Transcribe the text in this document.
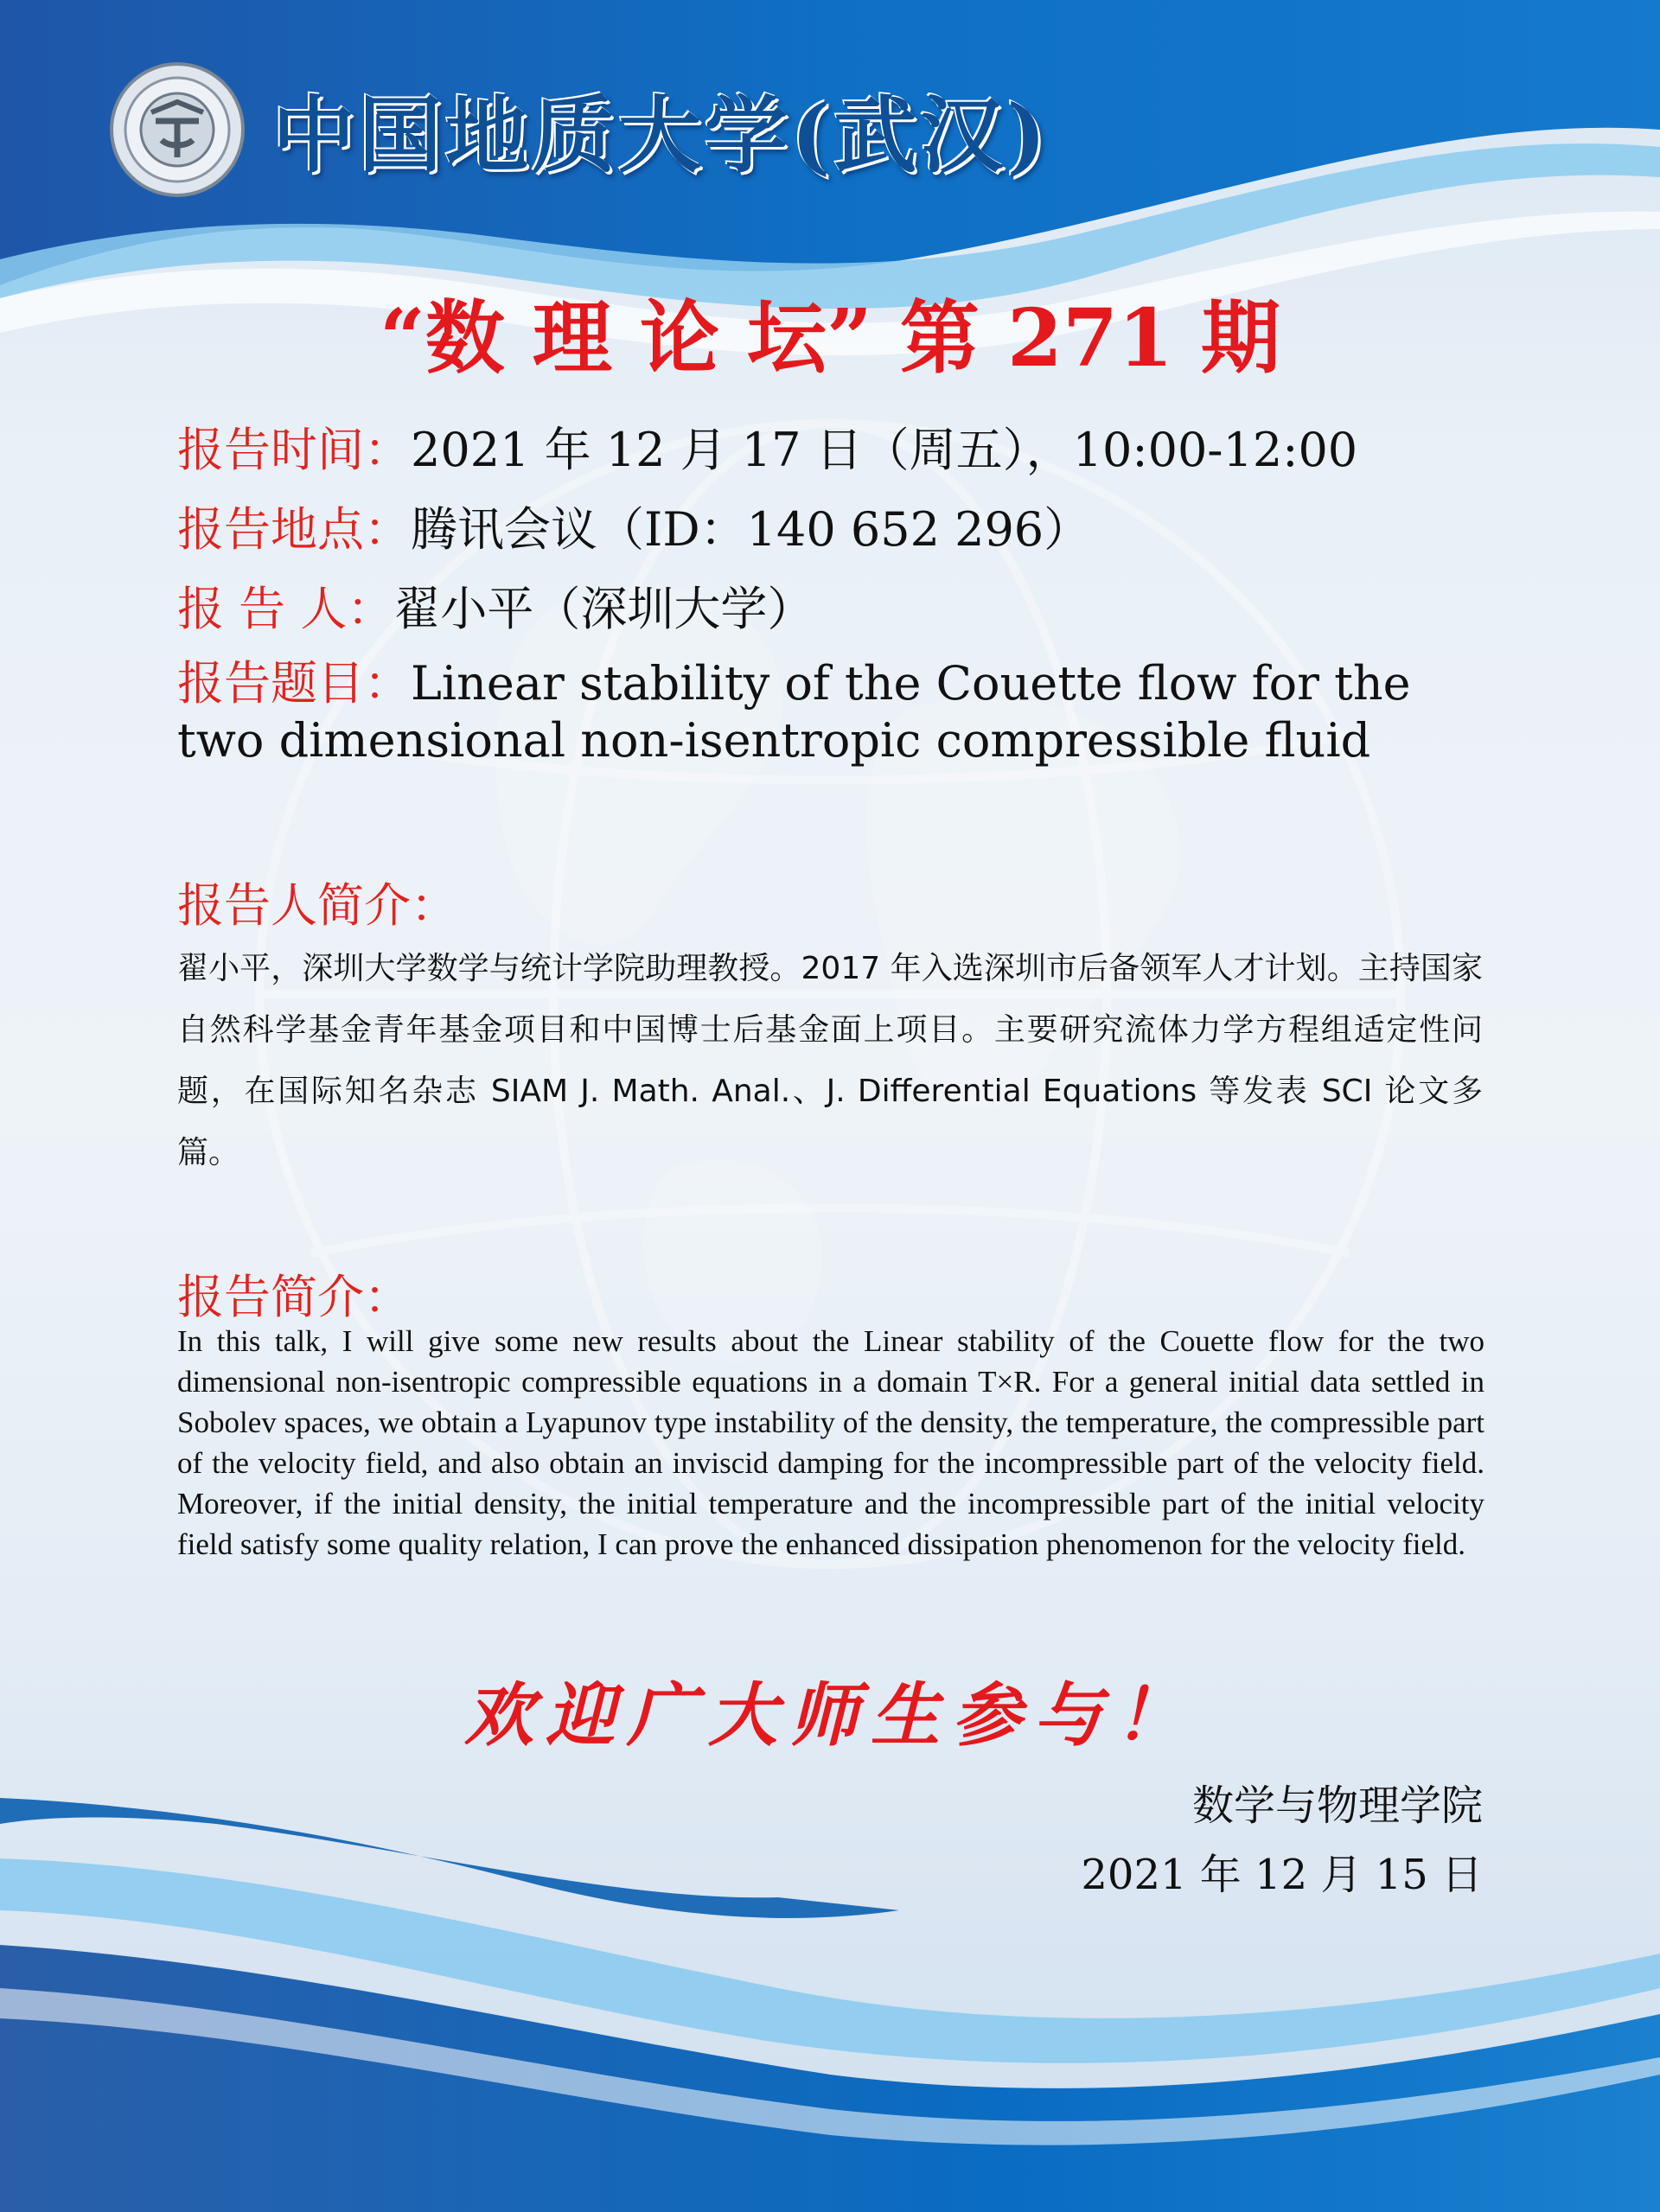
中国地质大学(武汉)
“数 理 论 坛” 第 271 期
报告时间：2021 年 12 月 17 日（周五），10:00-12:00
报告地点：腾讯会议（ID：140 652 296）
报 告 人：翟小平（深圳大学）
报告题目：Linear stability of the Couette flow for the two dimensional non-isentropic compressible fluid
报告人简介：
翟小平，深圳大学数学与统计学院助理教授。2017 年入选深圳市后备领军人才计划。主持国家自然科学基金青年基金项目和中国博士后基金面上项目。主要研究流体力学方程组适定性问题，在国际知名杂志 SIAM J. Math. Anal.、J. Differential Equations 等发表 SCI 论文多篇。
报告简介：
In this talk, I will give some new results about the Linear stability of the Couette flow for the two dimensional non-isentropic compressible equations in a domain T×R. For a general initial data settled in Sobolev spaces, we obtain a Lyapunov type instability of the density, the temperature, the compressible part of the velocity field, and also obtain an inviscid damping for the incompressible part of the velocity field. Moreover, if the initial density, the initial temperature and the incompressible part of the initial velocity field satisfy some quality relation, I can prove the enhanced dissipation phenomenon for the velocity field.
欢迎广大师生参与！
数学与物理学院
2021 年 12 月 15 日
